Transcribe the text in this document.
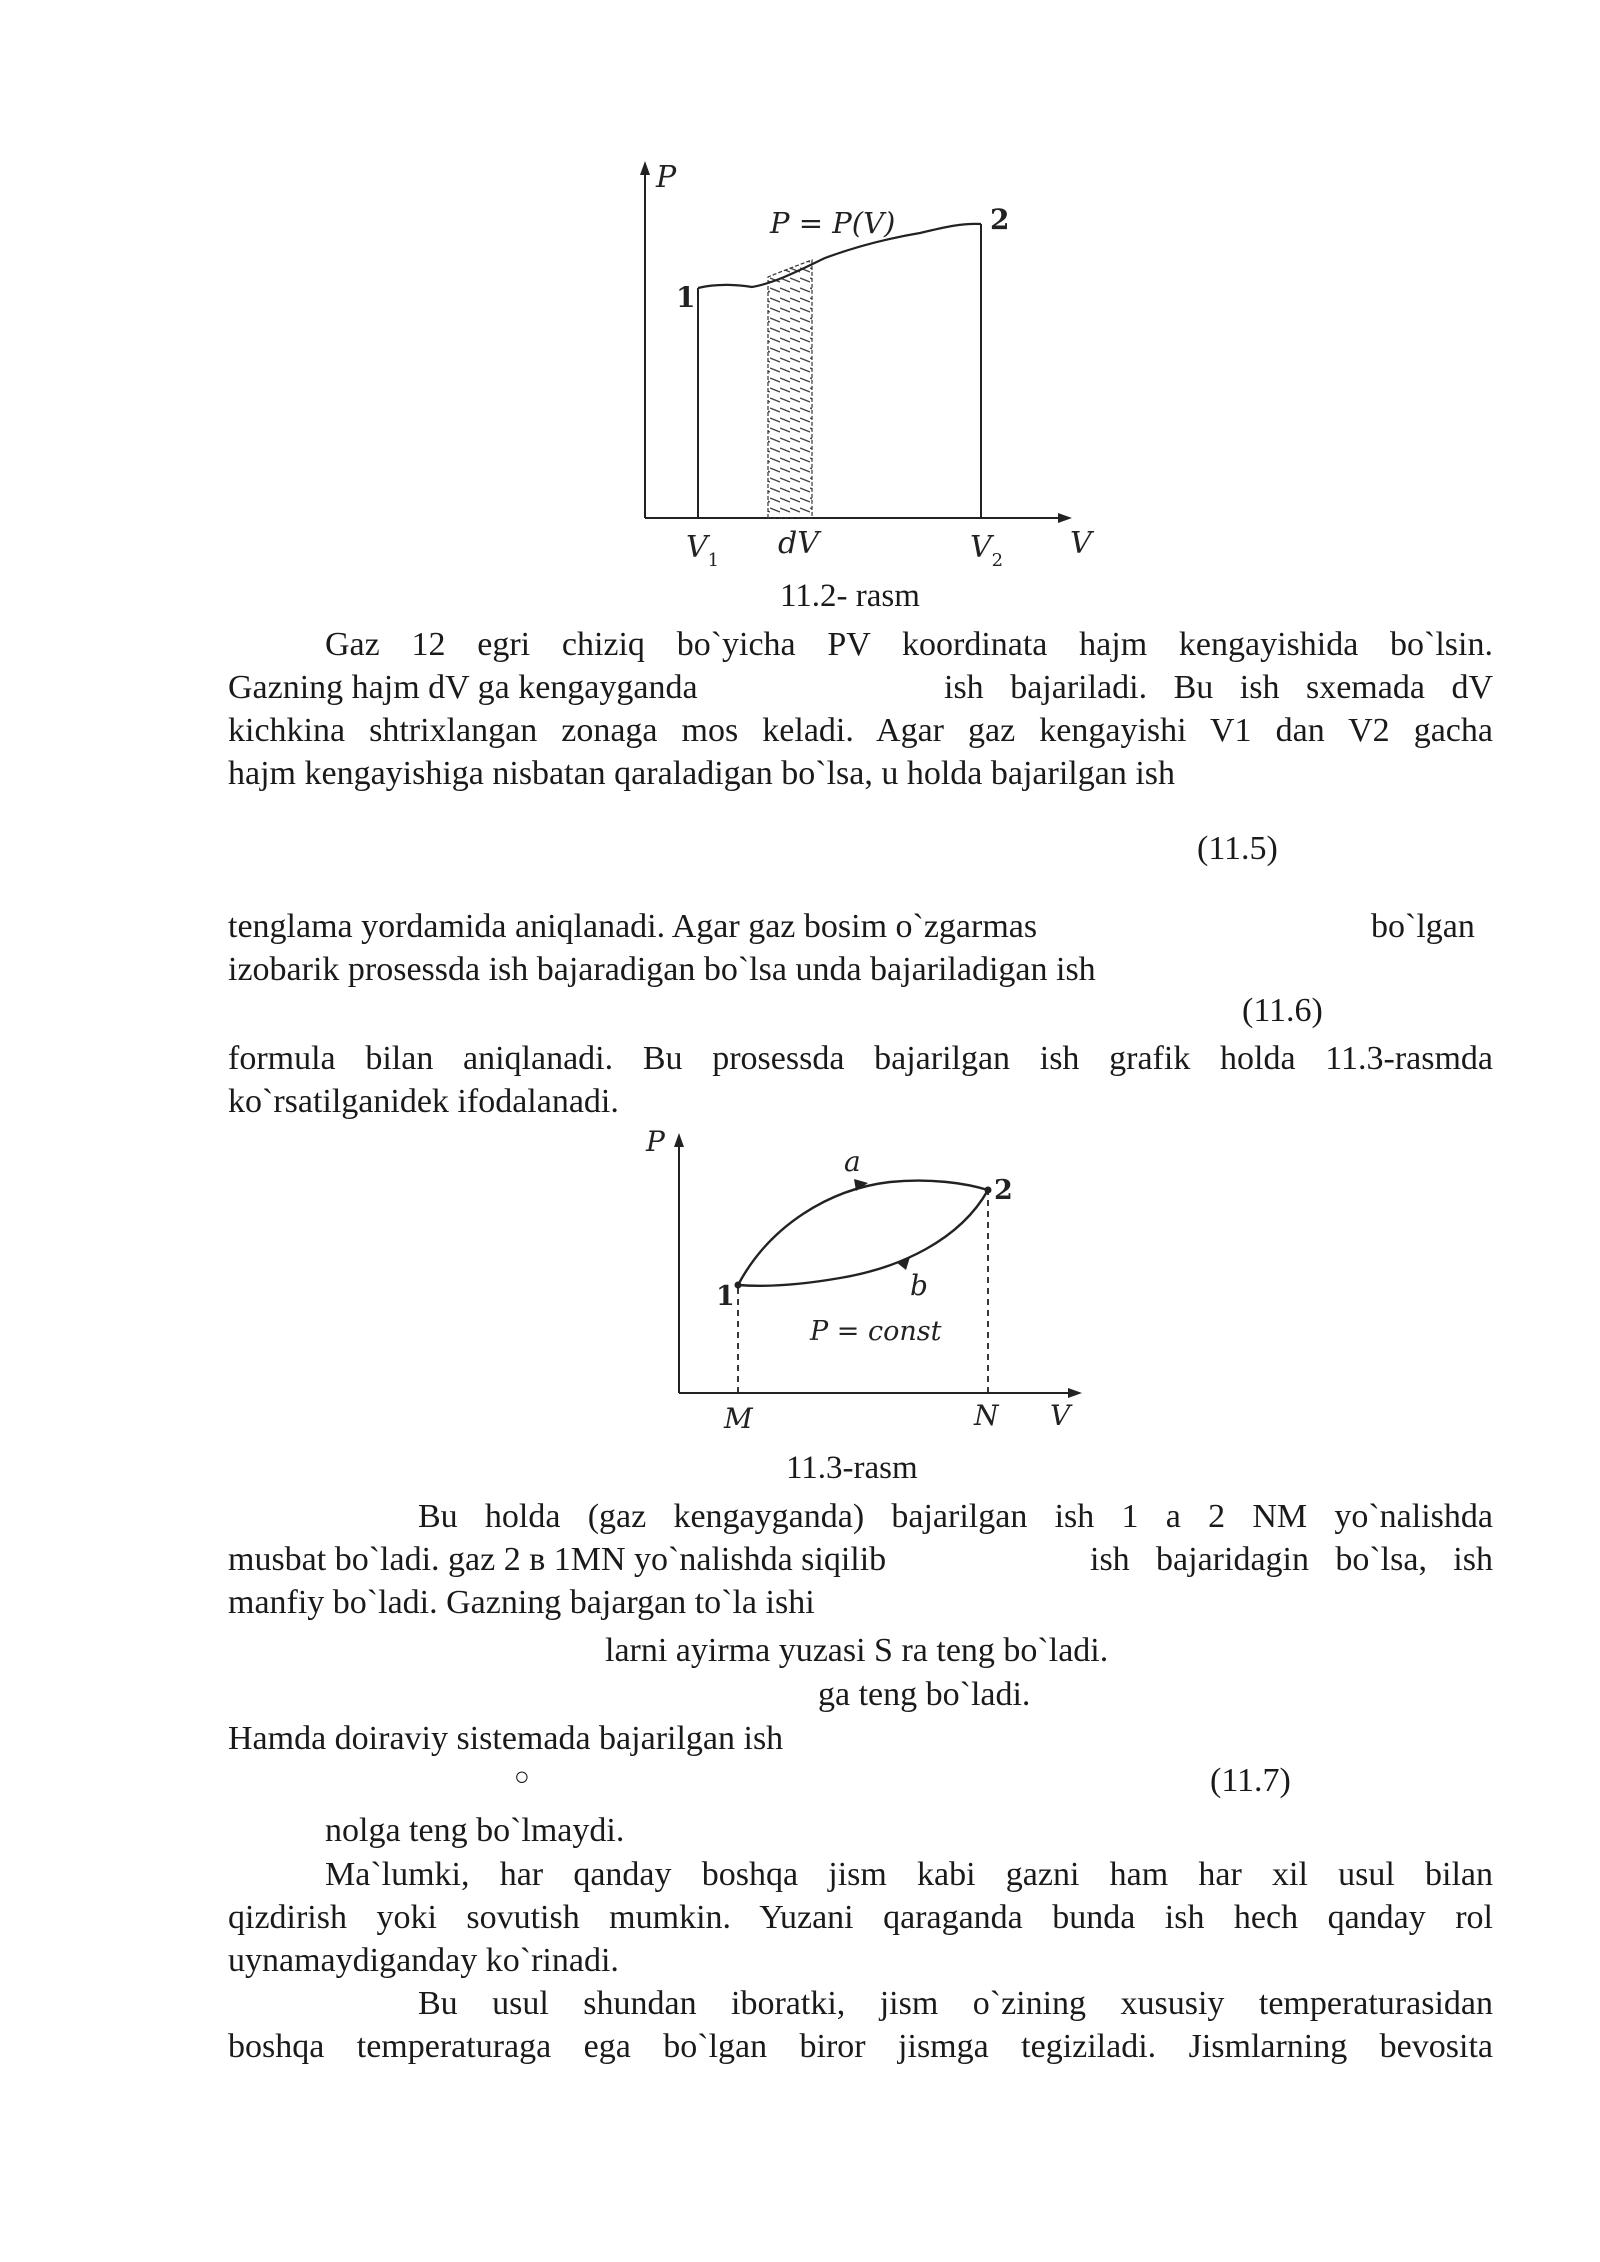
P
P = P(V)	2
1
$V_1$ dV	$V_2$ V
11.2- rasm
Gaz 12 egri chiziq bo`yicha PV koordinata hajm kengayishida bo`lsin.
Gazning hajm dV ga kengayganda	ish bajariladi. Bu ish sxemada dV
kichkina shtrixlangan zonaga mos keladi. Agar gaz kengayishi V1 dan V2 gacha
hajm kengayishiga nisbatan qaraladigan bo`lsa, u holda bajarilgan ish
(11.5)
tenglama yordamida aniqlanadi. Agar gaz bosim o`zgarmas	bo`lgan
izobarik prosessda ish bajaradigan bo`lsa unda bajariladigan ish
(11.6)
formula bilan aniqlanadi. Bu prosessda bajarilgan ish grafik holda 11.3-rasmda
ko`rsatilganidek ifodalanadi.
P
a
2
1	b
P = const
M	N V
11.3-rasm
Bu holda (gaz kengayganda) bajarilgan ish 1 a 2 NM yo`nalishda
musbat bo`ladi. gaz 2 в 1MN yo`nalishda siqilib	ish bajaridagin bo`lsa, ish
manfiy bo`ladi. Gazning bajargan to`la ishi
larni ayirma yuzasi S ra teng bo`ladi.
ga teng bo`ladi.
Hamda doiraviy sistemada bajarilgan ish
○	(11.7)
nolga teng bo`lmaydi.
Ma`lumki, har qanday boshqa jism kabi gazni ham har xil usul bilan
qizdirish yoki sovutish mumkin. Yuzani qaraganda bunda ish hech qanday rol
uynamaydiganday ko`rinadi.
Bu usul shundan iboratki, jism o`zining xususiy temperaturasidan
boshqa temperaturaga ega bo`lgan biror jismga tegiziladi. Jismlarning bevosita
